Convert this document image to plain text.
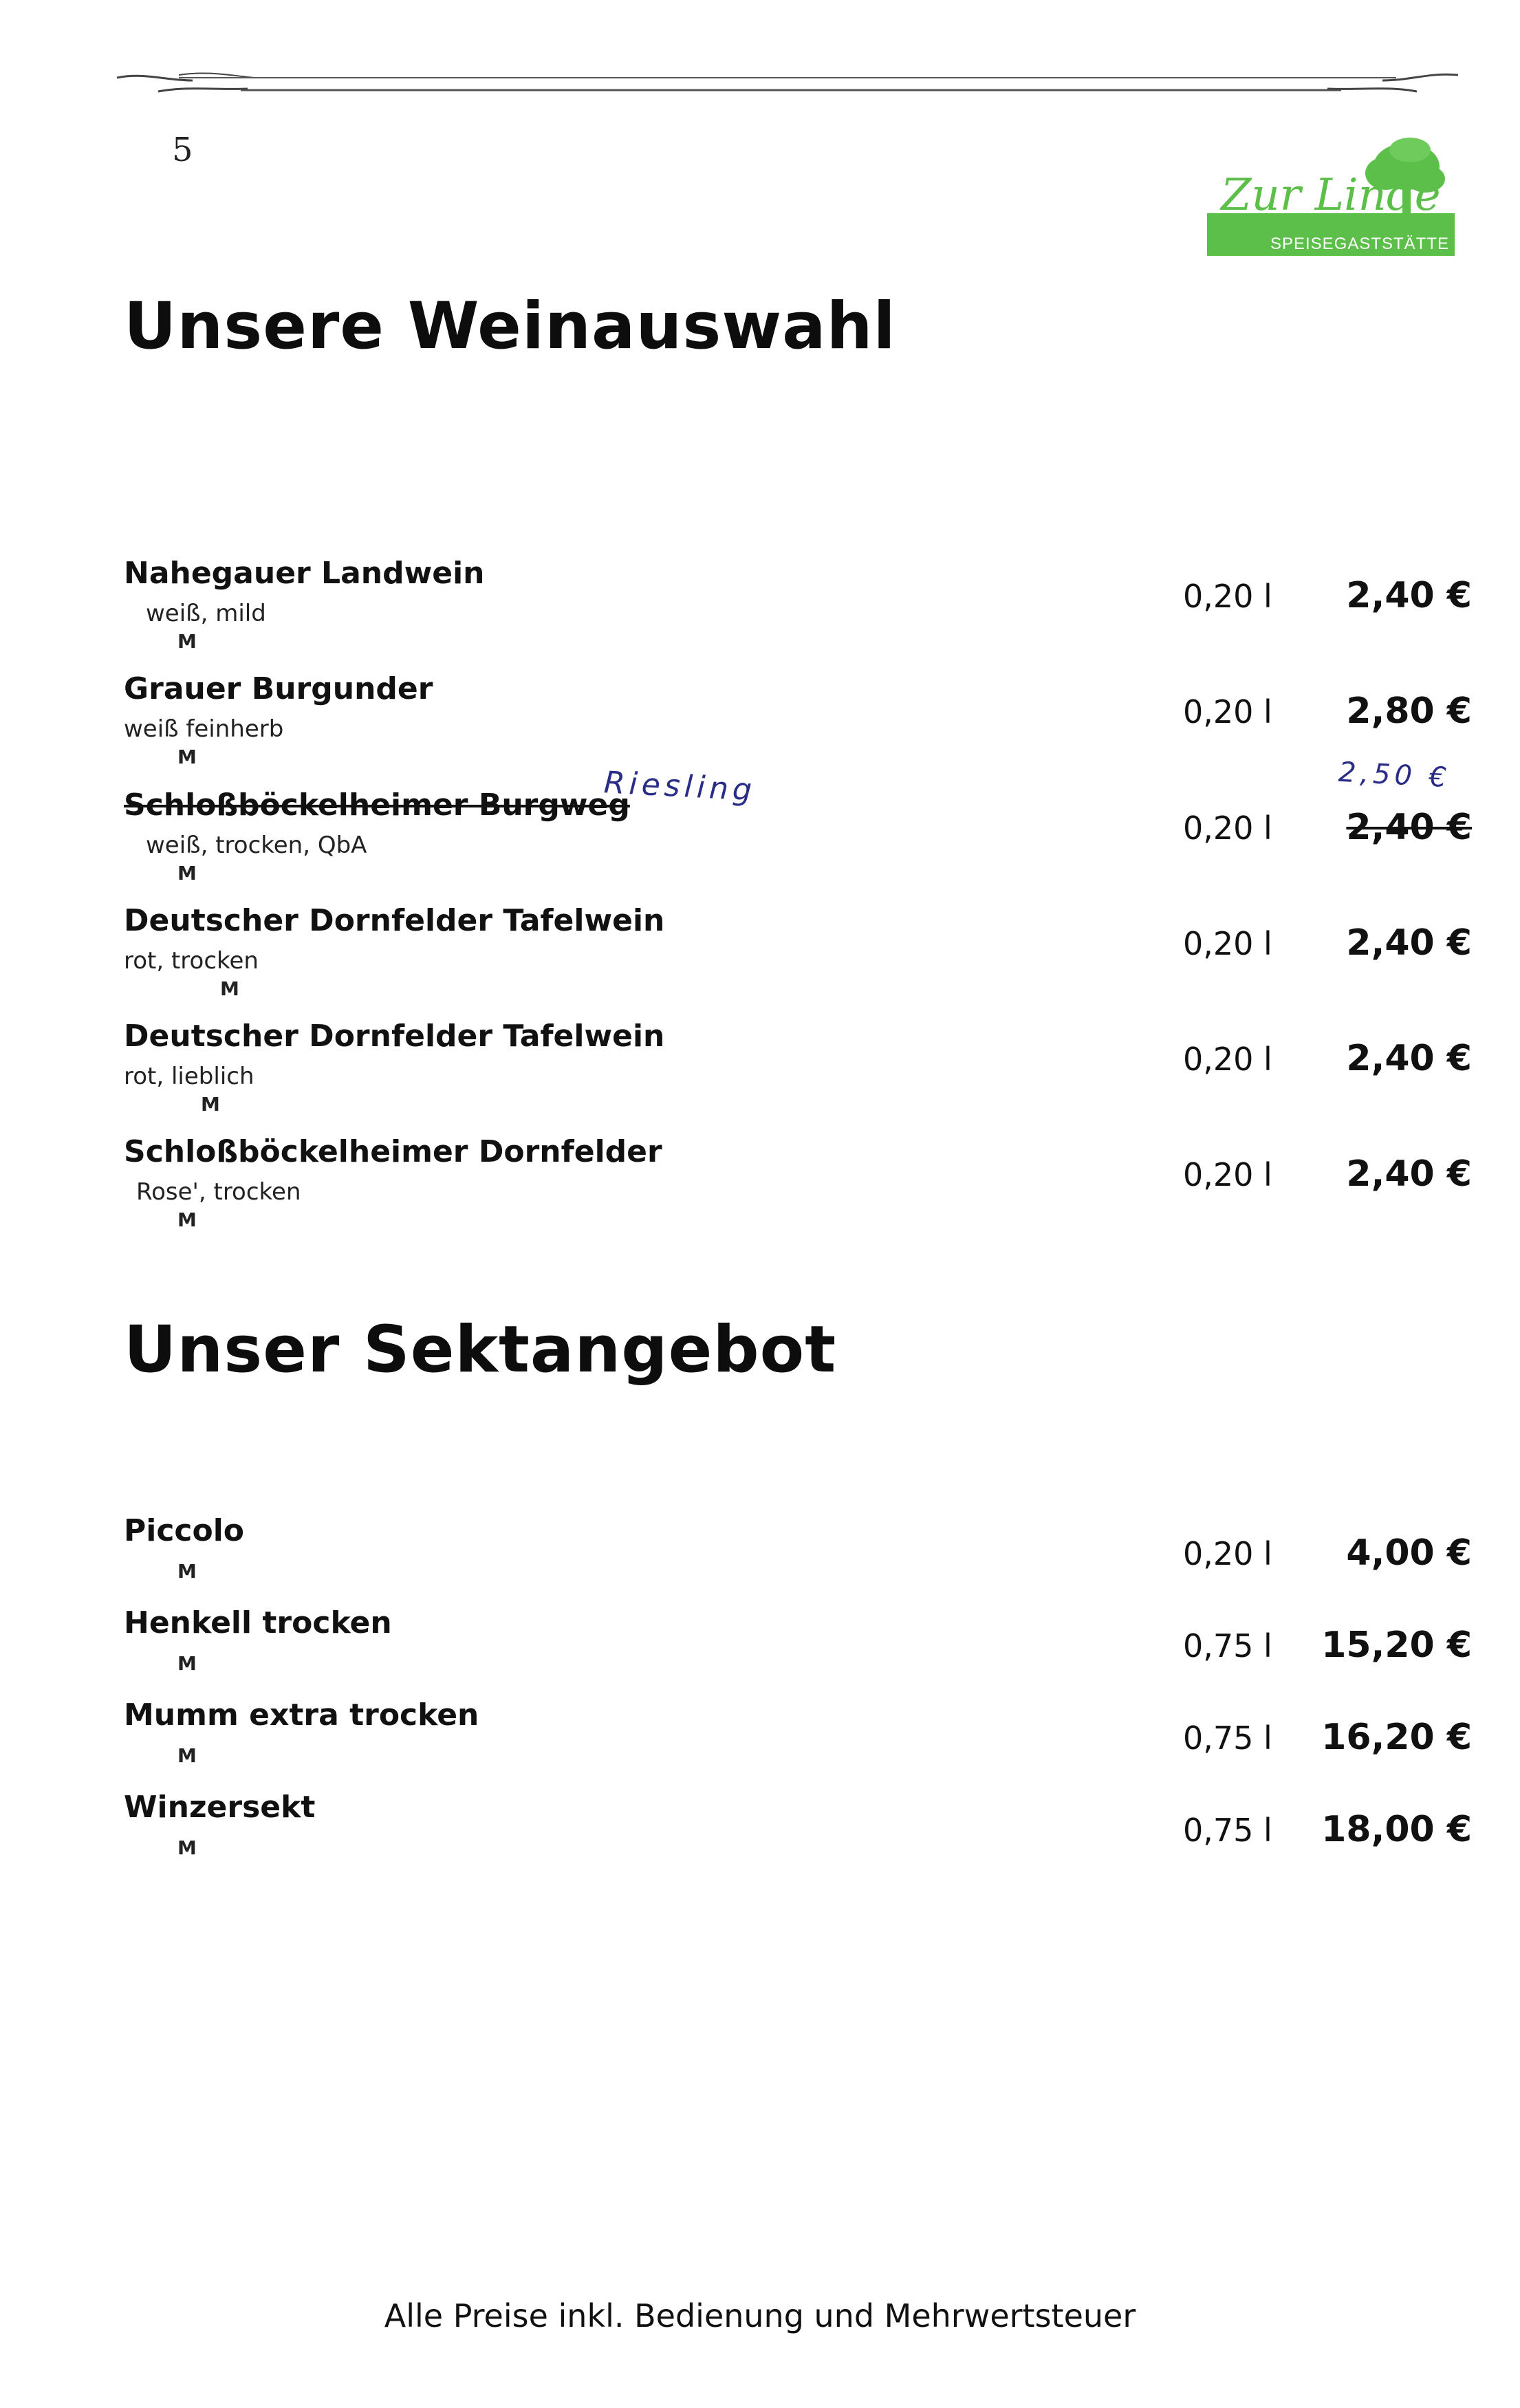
5
Zur Linde
SPEISEGASTSTÄTTE
Unsere Weinauswahl
Nahegauer Landwein
weiß, mild
M
0,20 l 2,40 €
Grauer Burgunder
weiß feinherb
M
0,20 l 2,80 €
Schloßböckelheimer Burgweg
weiß, trocken, QbA
M
0,20 l 2,40 €
Riesling	2,50 €
Deutscher Dornfelder Tafelwein
rot, trocken
M
0,20 l 2,40 €
Deutscher Dornfelder Tafelwein
rot, lieblich
M
0,20 l 2,40 €
Schloßböckelheimer Dornfelder
Rose', trocken
M
0,20 l 2,40 €
Unser Sektangebot
Piccolo
M	0,20 l 4,00 €
Henkell trocken
M	0,75 l 15,20 €
Mumm extra trocken
M	0,75 l 16,20 €
Winzersekt
M	0,75 l 18,00 €
Alle Preise inkl. Bedienung und Mehrwertsteuer
